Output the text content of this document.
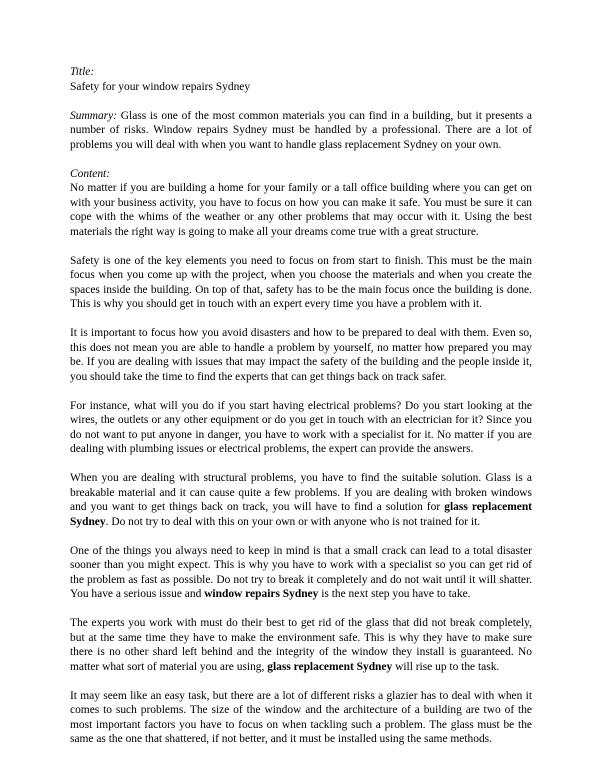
Title:

Safety for your window repairs Sydney

Summary: Glass is one of the most common materials you can find in a building, but it presents a number of risks. Window repairs Sydney must be handled by a professional. There are a lot of problems you will deal with when you want to handle glass replacement Sydney on your own.

Content:

No matter if you are building a home for your family or a tall office building where you can get on with your business activity, you have to focus on how you can make it safe. You must be sure it can cope with the whims of the weather or any other problems that may occur with it. Using the best materials the right way is going to make all your dreams come true with a great structure.

Safety is one of the key elements you need to focus on from start to finish. This must be the main focus when you come up with the project, when you choose the materials and when you create the spaces inside the building. On top of that, safety has to be the main focus once the building is done. This is why you should get in touch with an expert every time you have a problem with it.

It is important to focus how you avoid disasters and how to be prepared to deal with them. Even so, this does not mean you are able to handle a problem by yourself, no matter how prepared you may be. If you are dealing with issues that may impact the safety of the building and the people inside it, you should take the time to find the experts that can get things back on track safer.

For instance, what will you do if you start having electrical problems? Do you start looking at the wires, the outlets or any other equipment or do you get in touch with an electrician for it? Since you do not want to put anyone in danger, you have to work with a specialist for it. No matter if you are dealing with plumbing issues or electrical problems, the expert can provide the answers.

When you are dealing with structural problems, you have to find the suitable solution. Glass is a breakable material and it can cause quite a few problems. If you are dealing with broken windows and you want to get things back on track, you will have to find a solution for glass replacement Sydney. Do not try to deal with this on your own or with anyone who is not trained for it.

One of the things you always need to keep in mind is that a small crack can lead to a total disaster sooner than you might expect. This is why you have to work with a specialist so you can get rid of the problem as fast as possible. Do not try to break it completely and do not wait until it will shatter. You have a serious issue and window repairs Sydney is the next step you have to take.

The experts you work with must do their best to get rid of the glass that did not break completely, but at the same time they have to make the environment safe. This is why they have to make sure there is no other shard left behind and the integrity of the window they install is guaranteed. No matter what sort of material you are using, glass replacement Sydney will rise up to the task.

It may seem like an easy task, but there are a lot of different risks a glazier has to deal with when it comes to such problems. The size of the window and the architecture of a building are two of the most important factors you have to focus on when tackling such a problem. The glass must be the same as the one that shattered, if not better, and it must be installed using the same methods.
